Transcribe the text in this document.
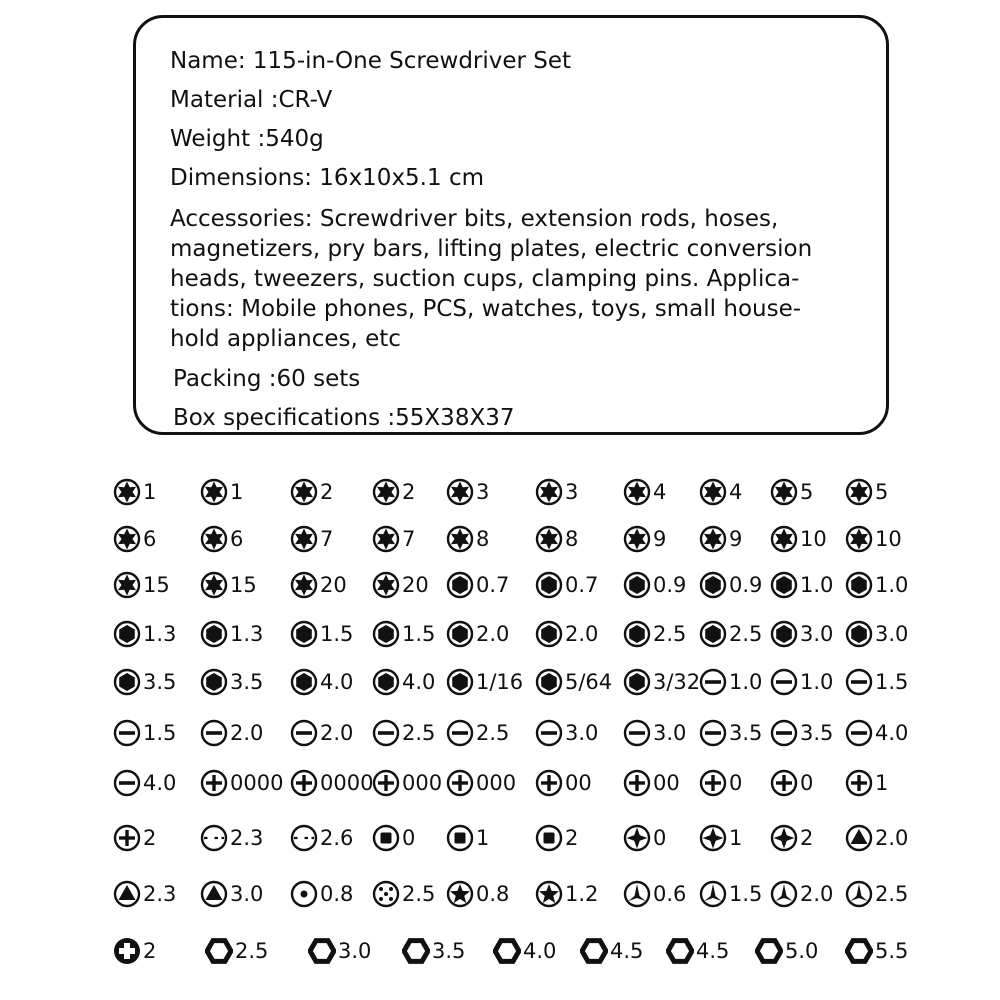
Name: 115-in-One Screwdriver Set

Material :CR-V

Weight :540g

Dimensions: 16x10x5.1 cm

Accessories: Screwdriver bits, extension rods, hoses,
magnetizers, pry bars, lifting plates, electric conversion
heads, tweezers, suction cups, clamping pins. Applica-
tions: Mobile phones, PCS, watches, toys, small house-
hold appliances, etc

Packing :60 sets

Box specifications :55X38X37

1	1	2	2	3	3	4	4	5	5
6	6	7	7	8	8	9	9	10 10
15	15	20	20 0.7	0.7	0.9 0.9 1.0 1.0
1.3	1.3	1.5 1.5 2.0	2.0	2.5 2.5 3.0 3.0
3.5	3.5	4.0 4.0 1/16 5/64 3/32 1.0 1.0 1.5
1.5	2.0	2.0 2.5 2.5	3.0	3.0 3.5 3.5 4.0
4.0	0000 0000 000 000 00	00 0	0	1
2	2.3	2.6 0	1	2	0	1	2	2.0
2.3	3.0	0.8 2.5 0.8	1.2	0.6 1.5 2.0 2.5
2	2.5	3.0	3.5	4.0	4.5	4.5	5.0	5.5
